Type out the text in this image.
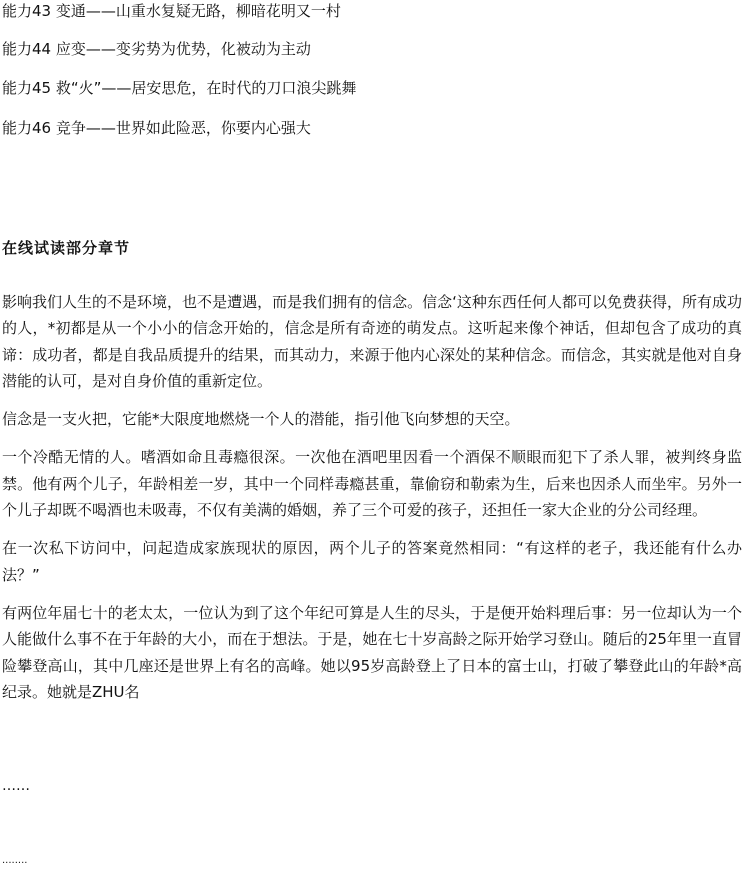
能力43 变通——山重水复疑无路，柳暗花明又一村
能力44 应变——变劣势为优势，化被动为主动
能力45 救“火”——居安思危，在时代的刀口浪尖跳舞
能力46 竞争——世界如此险恶，你要内心强大
在线试读部分章节

影响我们人生的不是环境，也不是遭遇，而是我们拥有的信念。信念‘这种东西任何人都可以免费获得，所有成功的人，*初都是从一个小小的信念开始的，信念是所有奇迹的萌发点。这听起来像个神话，但却包含了成功的真谛：成功者，都是自我品质提升的结果，而其动力，来源于他内心深处的某种信念。而信念，其实就是他对自身潜能的认可，是对自身价值的重新定位。

信念是一支火把，它能*大限度地燃烧一个人的潜能，指引他飞向梦想的天空。

一个冷酷无情的人。嗜酒如命且毒瘾很深。一次他在酒吧里因看一个酒保不顺眼而犯下了杀人罪，被判终身监禁。他有两个儿子，年龄相差一岁，其中一个同样毒瘾甚重，靠偷窃和勒索为生，后来也因杀人而坐牢。另外一个儿子却既不喝酒也未吸毒，不仅有美满的婚姻，养了三个可爱的孩子，还担任一家大企业的分公司经理。

在一次私下访问中，问起造成家族现状的原因，两个儿子的答案竟然相同：“有这样的老子，我还能有什么办法？”

有两位年届七十的老太太，一位认为到了这个年纪可算是人生的尽头，于是便开始料理后事：另一位却认为一个人能做什么事不在于年龄的大小，而在于想法。于是，她在七十岁高龄之际开始学习登山。随后的25年里一直冒险攀登高山，其中几座还是世界上有名的高峰。她以95岁高龄登上了日本的富士山，打破了攀登此山的年龄*高纪录。她就是ZHU名

……
........
